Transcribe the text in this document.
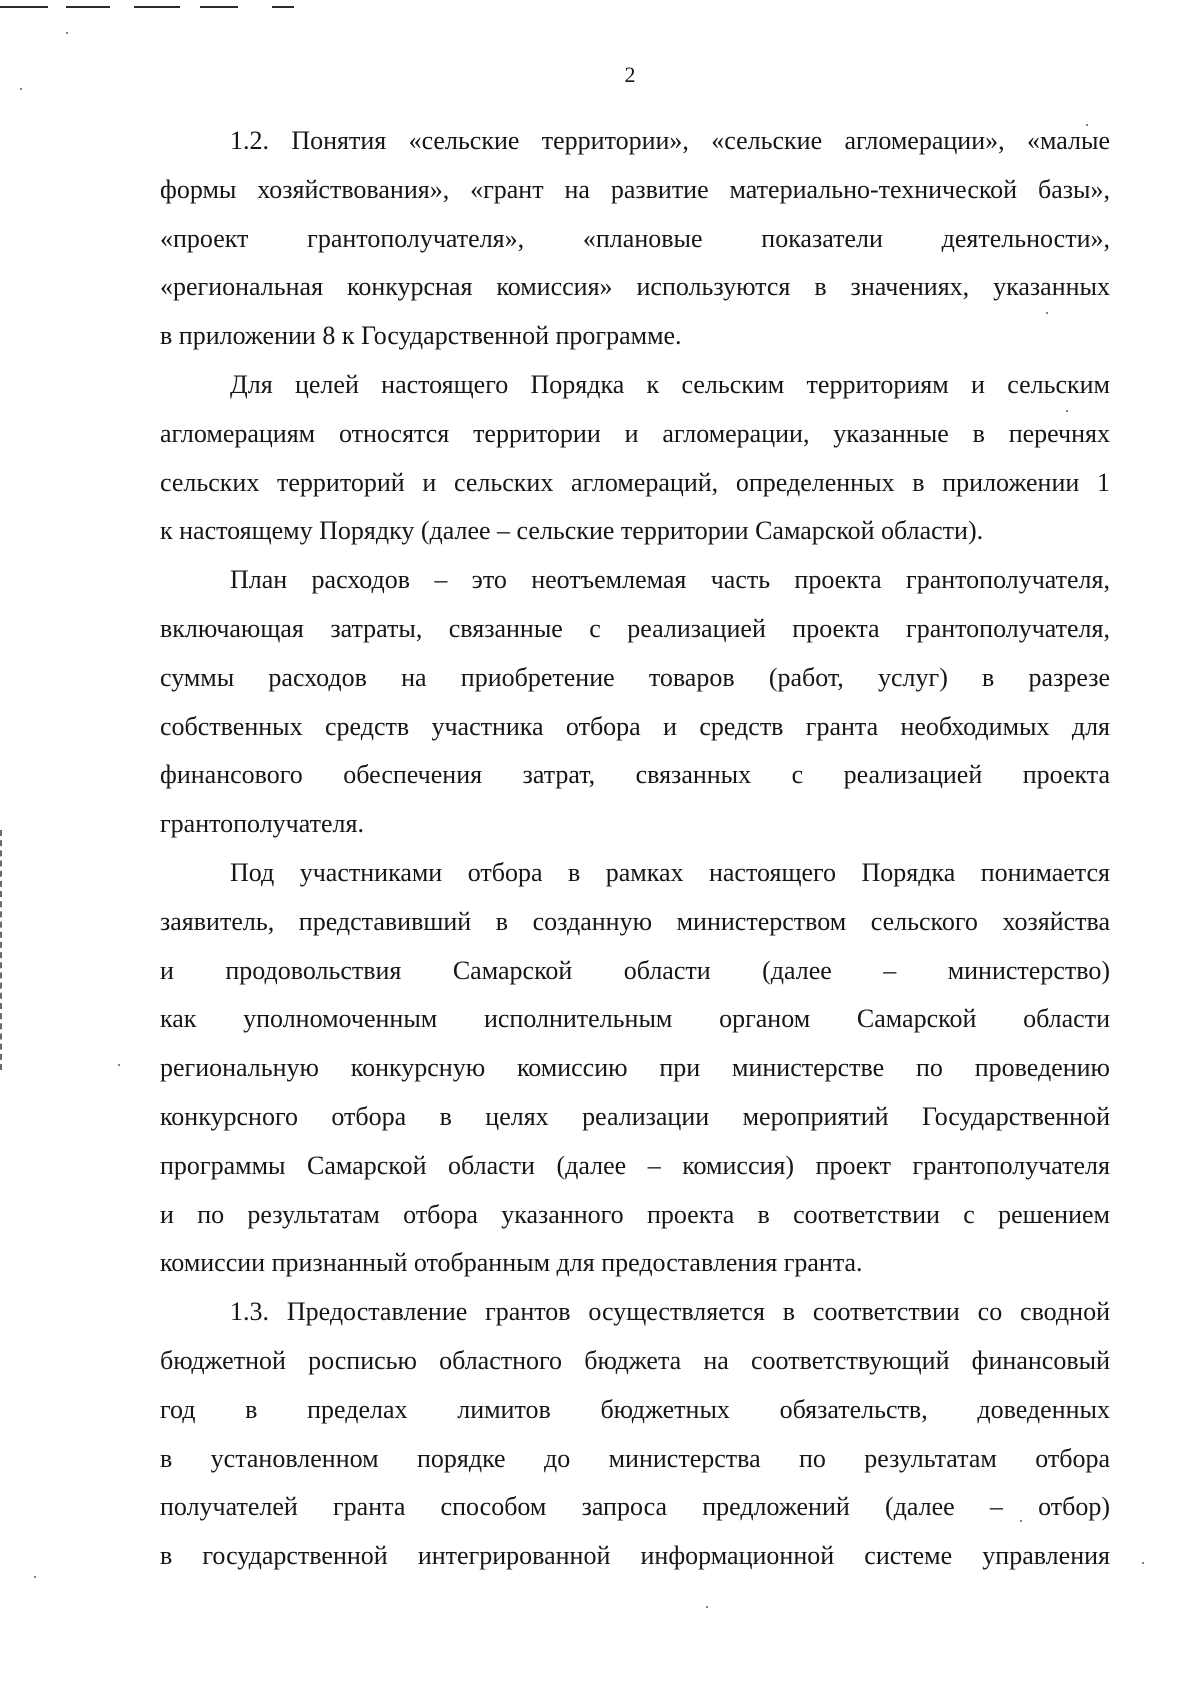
2

1.2. Понятия «сельские территории», «сельские агломерации», «малые
формы хозяйствования», «грант на развитие материально-технической базы»,
«проект грантополучателя», «плановые показатели деятельности»,
«региональная конкурсная комиссия» используются в значениях, указанных
в приложении 8 к Государственной программе.

Для целей настоящего Порядка к сельским территориям и сельским
агломерациям относятся территории и агломерации, указанные в перечнях
сельских территорий и сельских агломераций, определенных в приложении 1
к настоящему Порядку (далее – сельские территории Самарской области).

План расходов – это неотъемлемая часть проекта грантополучателя,
включающая затраты, связанные с реализацией проекта грантополучателя,
суммы расходов на приобретение товаров (работ, услуг) в разрезе
собственных средств участника отбора и средств гранта необходимых для
финансового обеспечения затрат, связанных с реализацией проекта
грантополучателя.

Под участниками отбора в рамках настоящего Порядка понимается
заявитель, представивший в созданную министерством сельского хозяйства
и продовольствия Самарской области (далее – министерство)
как уполномоченным исполнительным органом Самарской области
региональную конкурсную комиссию при министерстве по проведению
конкурсного отбора в целях реализации мероприятий Государственной
программы Самарской области (далее – комиссия) проект грантополучателя
и по результатам отбора указанного проекта в соответствии с решением
комиссии признанный отобранным для предоставления гранта.

1.3. Предоставление грантов осуществляется в соответствии со сводной
бюджетной росписью областного бюджета на соответствующий финансовый
год в пределах лимитов бюджетных обязательств, доведенных
в установленном порядке до министерства по результатам отбора
получателей гранта способом запроса предложений (далее – отбор)
в государственной интегрированной информационной системе управления
